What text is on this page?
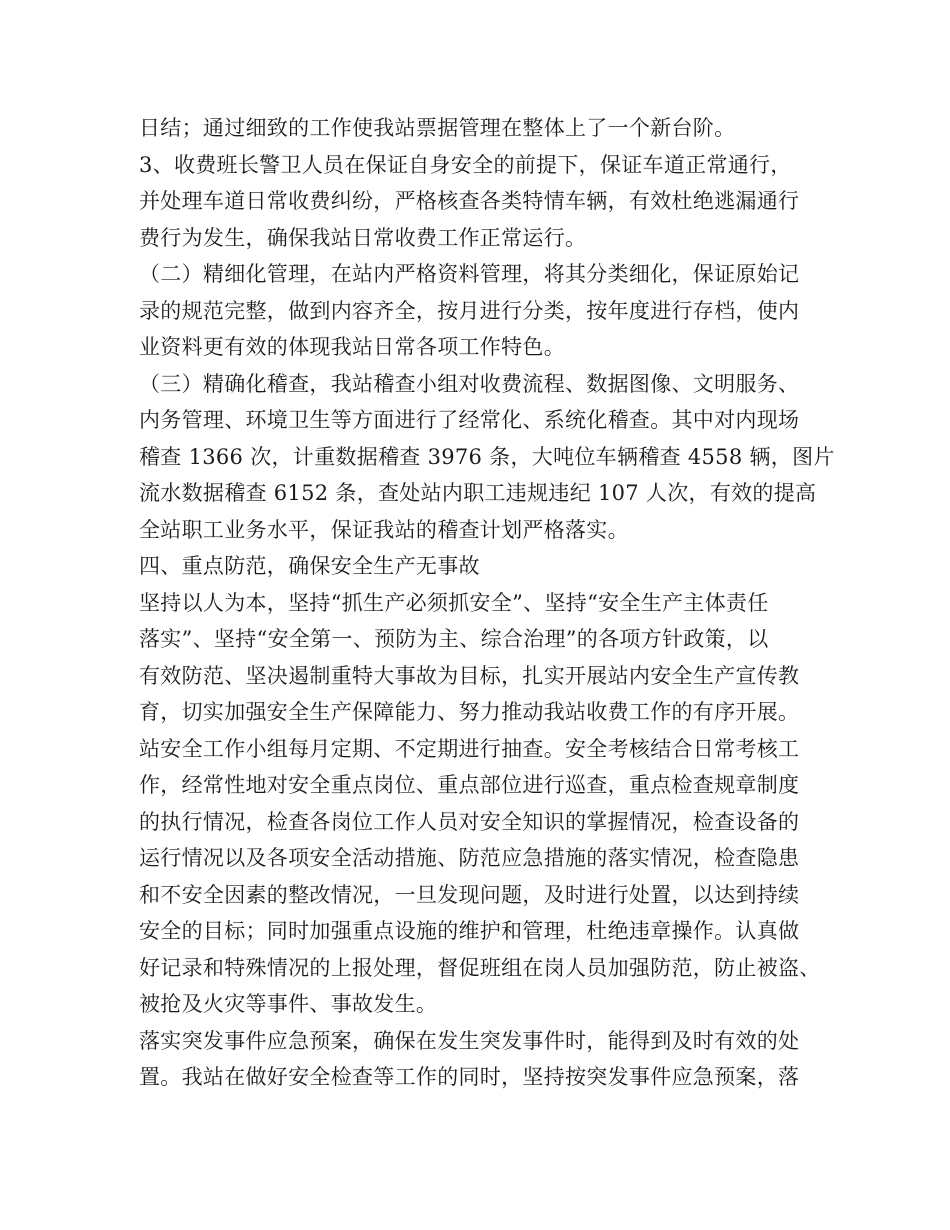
日结；通过细致的工作使我站票据管理在整体上了一个新台阶。
3、收费班长警卫人员在保证自身安全的前提下，保证车道正常通行，
并处理车道日常收费纠纷，严格核查各类特情车辆，有效杜绝逃漏通行
费行为发生，确保我站日常收费工作正常运行。
（二）精细化管理，在站内严格资料管理，将其分类细化，保证原始记
录的规范完整，做到内容齐全，按月进行分类，按年度进行存档，使内
业资料更有效的体现我站日常各项工作特色。
（三）精确化稽查，我站稽查小组对收费流程、数据图像、文明服务、
内务管理、环境卫生等方面进行了经常化、系统化稽查。其中对内现场
稽查 1366 次，计重数据稽查 3976 条，大吨位车辆稽查 4558 辆，图片
流水数据稽查 6152 条，查处站内职工违规违纪 107 人次，有效的提高
全站职工业务水平，保证我站的稽查计划严格落实。
四、重点防范，确保安全生产无事故
坚持以人为本，坚持“抓生产必须抓安全”、坚持“安全生产主体责任
落实”、坚持“安全第一、预防为主、综合治理”的各项方针政策，以
有效防范、坚决遏制重特大事故为目标，扎实开展站内安全生产宣传教
育，切实加强安全生产保障能力、努力推动我站收费工作的有序开展。
站安全工作小组每月定期、不定期进行抽查。安全考核结合日常考核工
作，经常性地对安全重点岗位、重点部位进行巡查，重点检查规章制度
的执行情况，检查各岗位工作人员对安全知识的掌握情况，检查设备的
运行情况以及各项安全活动措施、防范应急措施的落实情况，检查隐患
和不安全因素的整改情况，一旦发现问题，及时进行处置，以达到持续
安全的目标；同时加强重点设施的维护和管理，杜绝违章操作。认真做
好记录和特殊情况的上报处理，督促班组在岗人员加强防范，防止被盗、
被抢及火灾等事件、事故发生。
落实突发事件应急预案，确保在发生突发事件时，能得到及时有效的处
置。我站在做好安全检查等工作的同时，坚持按突发事件应急预案，落
